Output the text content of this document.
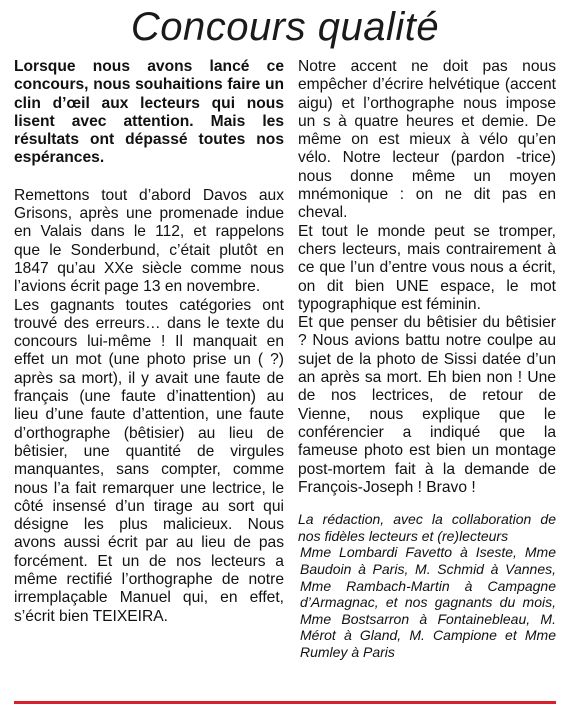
Concours qualité

Lorsque nous avons lancé ce concours, nous souhaitions faire un clin d’œil aux lecteurs qui nous lisent avec attention. Mais les résultats ont dépassé toutes nos espérances.

Remettons tout d’abord Davos aux Grisons, après une promenade indue en Valais dans le 112, et rappelons que le Sonderbund, c’était plutôt en 1847 qu’au XXe siècle comme nous l’avions écrit page 13 en novembre.

Les gagnants toutes catégories ont trouvé des erreurs… dans le texte du concours lui-même ! Il manquait en effet un mot (une photo prise un ( ?) après sa mort), il y avait une faute de français (une faute d’inattention) au lieu d’une faute d’attention, une faute d’orthographe (bêtisier) au lieu de bêtisier, une quantité de virgules manquantes, sans compter, comme nous l’a fait remarquer une lectrice, le côté insensé d’un tirage au sort qui désigne les plus malicieux. Nous avons aussi écrit par au lieu de pas forcément. Et un de nos lecteurs a même rectifié l’orthographe de notre irremplaçable Manuel qui, en effet, s’écrit bien TEIXEIRA.

Notre accent ne doit pas nous empêcher d’écrire helvétique (accent aigu) et l’orthographe nous impose un s à quatre heures et demie. De même on est mieux à vélo qu’en vélo. Notre lecteur (pardon -trice) nous donne même un moyen mnémonique : on ne dit pas en cheval.

Et tout le monde peut se tromper, chers lecteurs, mais contrairement à ce que l’un d’entre vous nous a écrit, on dit bien UNE espace, le mot typographique est féminin.

Et que penser du bêtisier du bêtisier ? Nous avions battu notre coulpe au sujet de la photo de Sissi datée d’un an après sa mort. Eh bien non ! Une de nos lectrices, de retour de Vienne, nous explique que le conférencier a indiqué que la fameuse photo est bien un montage post-mortem fait à la demande de François-Joseph ! Bravo !

La rédaction, avec la collaboration de nos fidèles lecteurs et (re)lecteurs
Mme Lombardi Favetto à Iseste, Mme Baudoin à Paris, M. Schmid à Vannes, Mme Rambach-Martin à Campagne d’Armagnac, et nos gagnants du mois, Mme Bostsarron à Fontainebleau, M. Mérot à Gland, M. Campione et Mme Rumley à Paris
